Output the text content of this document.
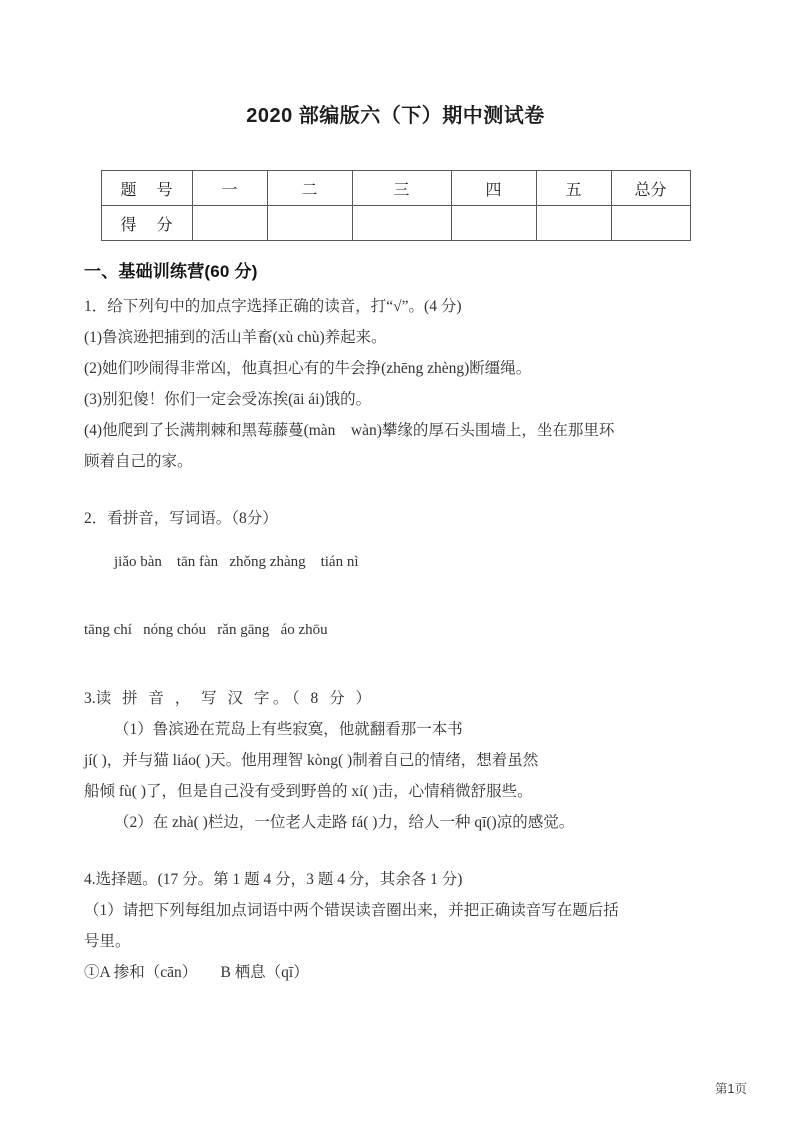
2020 部编版六（下）期中测试卷
题 号	一	二	三	四	五	总分
得 分						
一、基础训练营(60 分)

1．给下列句中的加点字选择正确的读音，打“√”。(4 分)

(1)鲁滨逊把捕到的活山羊畜(xù chù)养起来。

(2)她们吵闹得非常凶，他真担心有的牛会挣(zhēng zhèng)断缰绳。

(3)别犯傻！你们一定会受冻挨(āi ái)饿的。

(4)他爬到了长满荆棘和黑莓藤蔓(màn　wàn)攀缘的厚石头围墙上，坐在那里环

顾着自己的家。

2．看拼音，写词语。（8分）

jiǎo bàn    tān fàn   zhǒng zhàng    tián nì

tāng chí   nóng chóu   rǎn gāng   áo zhōu

3.读 拼 音 ， 写 汉 字。（ 8 分 ）

（1）鲁滨逊在荒岛上有些寂寞，他就翻看那一本书

jí( )，并与猫 liáo( )天。他用理智 kòng( )制着自己的情绪，想着虽然

船倾 fù( )了，但是自己没有受到野兽的 xí( )击，心情稍微舒服些。

（2）在 zhà( )栏边，一位老人走路 fá( )力，给人一种 qī()凉的感觉。

4.选择题。(17 分。第 1 题 4 分，3 题 4 分，其余各 1 分)

（1）请把下列每组加点词语中两个错误读音圈出来，并把正确读音写在题后括

号里。

①A 掺和（cān）　　B 栖息（qī）

第1页
